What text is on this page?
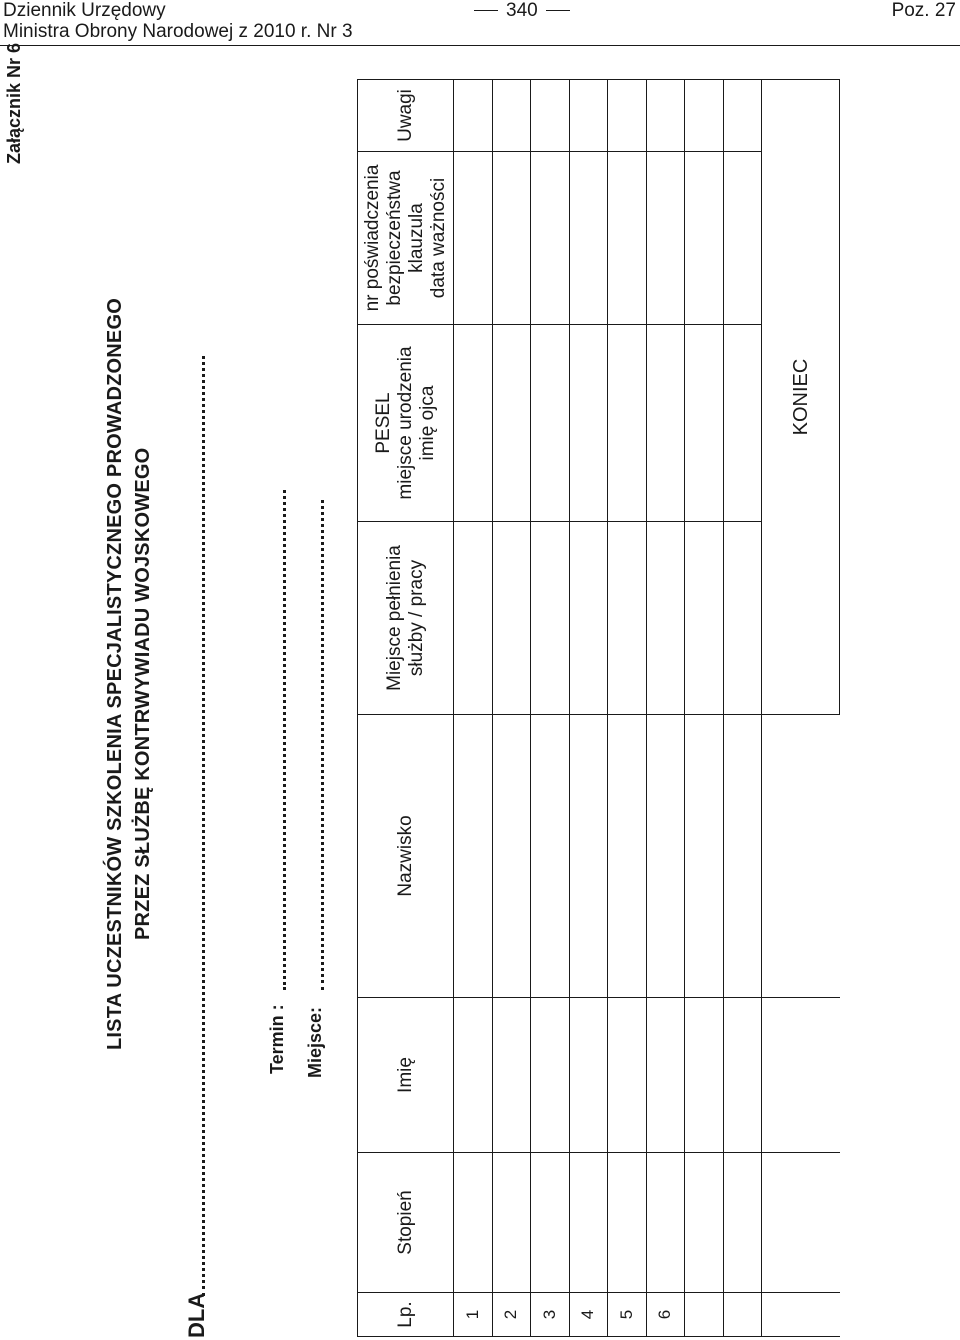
Dziennik Urzędowy
Ministra Obrony Narodowej z 2010 r. Nr 3
340	Poz. 27
Załącznik Nr 6
LISTA UCZESTNIKÓW SZKOLENIA SPECJALISTYCZNEGO PROWADZONEGO PRZEZ SŁUŻBĘ KONTRWYWIADU WOJSKOWEGO
DLA
Termin : Miejsce:
Lp.	Stopień	Imię	Nazwisko	Miejsce pełnienia służby / pracy	PESEL miejsce urodzenia imię ojca	nr poświadczenia bezpieczeństwa klauzula data ważności	Uwagi
1							
2							
3							
4							
5							
6							

				KONIEC			
